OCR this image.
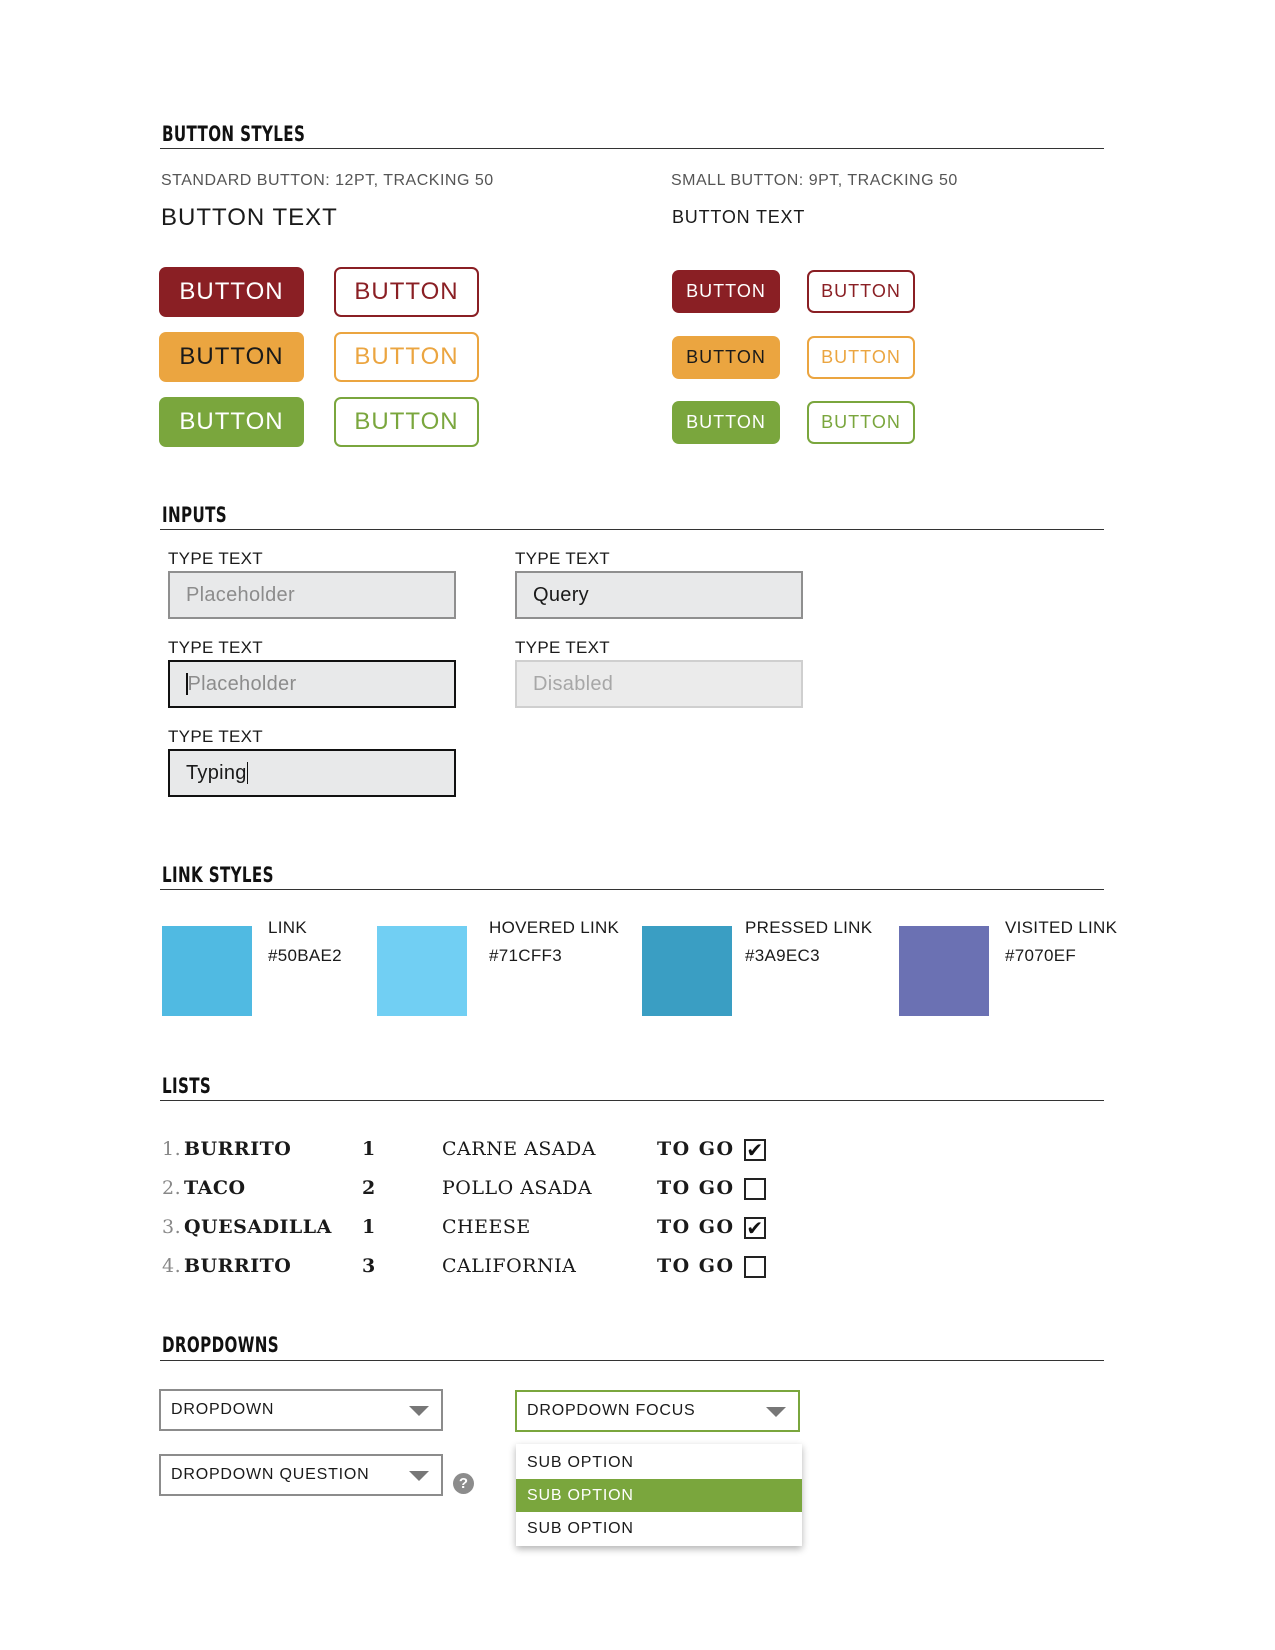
BUTTON STYLES
STANDARD BUTTON: 12PT, TRACKING 50
BUTTON TEXT
SMALL BUTTON: 9PT, TRACKING 50
BUTTON TEXT
BUTTON	BUTTON
BUTTON	BUTTON
BUTTON	BUTTON
BUTTON	BUTTON
BUTTON	BUTTON
BUTTON	BUTTON
INPUTS
TYPE TEXT
Placeholder
TYPE TEXT
Query
TYPE TEXT
Placeholder
TYPE TEXT
Disabled
TYPE TEXT
Typing
LINK STYLES
LINK
#50BAE2
HOVERED LINK
#71CFF3
PRESSED LINK
#3A9EC3
VISITED LINK
#7070EF
LISTS
1. BURRITO	1	CARNE ASADA	TO GO ✔
2. TACO	2	POLLO ASADA	TO GO
3. QUESADILLA 1	CHEESE	TO GO ✔
4. BURRITO	3	CALIFORNIA	TO GO
DROPDOWNS
DROPDOWN
DROPDOWN QUESTION
?
DROPDOWN FOCUS
SUB OPTION
SUB OPTION
SUB OPTION
